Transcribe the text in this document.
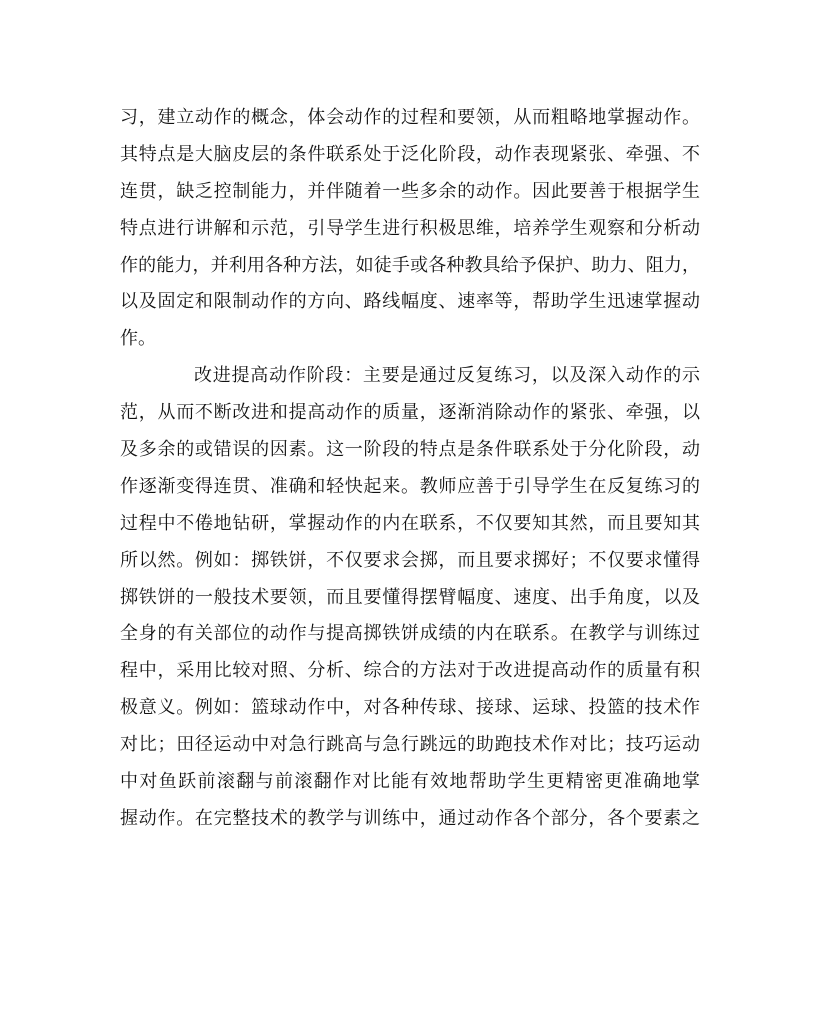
习，建立动作的概念，体会动作的过程和要领，从而粗略地掌握动作。
其特点是大脑皮层的条件联系处于泛化阶段，动作表现紧张、牵强、不
连贯，缺乏控制能力，并伴随着一些多余的动作。因此要善于根据学生
特点进行讲解和示范，引导学生进行积极思维，培养学生观察和分析动
作的能力，并利用各种方法，如徒手或各种教具给予保护、助力、阻力，
以及固定和限制动作的方向、路线幅度、速率等，帮助学生迅速掌握动
作。
改进提高动作阶段：主要是通过反复练习，以及深入动作的示
范，从而不断改进和提高动作的质量，逐渐消除动作的紧张、牵强，以
及多余的或错误的因素。这一阶段的特点是条件联系处于分化阶段，动
作逐渐变得连贯、准确和轻快起来。教师应善于引导学生在反复练习的
过程中不倦地钻研，掌握动作的内在联系，不仅要知其然，而且要知其
所以然。例如：掷铁饼，不仅要求会掷，而且要求掷好；不仅要求懂得
掷铁饼的一般技术要领，而且要懂得摆臂幅度、速度、出手角度，以及
全身的有关部位的动作与提高掷铁饼成绩的内在联系。在教学与训练过
程中，采用比较对照、分析、综合的方法对于改进提高动作的质量有积
极意义。例如：篮球动作中，对各种传球、接球、运球、投篮的技术作
对比；田径运动中对急行跳高与急行跳远的助跑技术作对比；技巧运动
中对鱼跃前滚翻与前滚翻作对比能有效地帮助学生更精密更准确地掌
握动作。在完整技术的教学与训练中，通过动作各个部分，各个要素之
